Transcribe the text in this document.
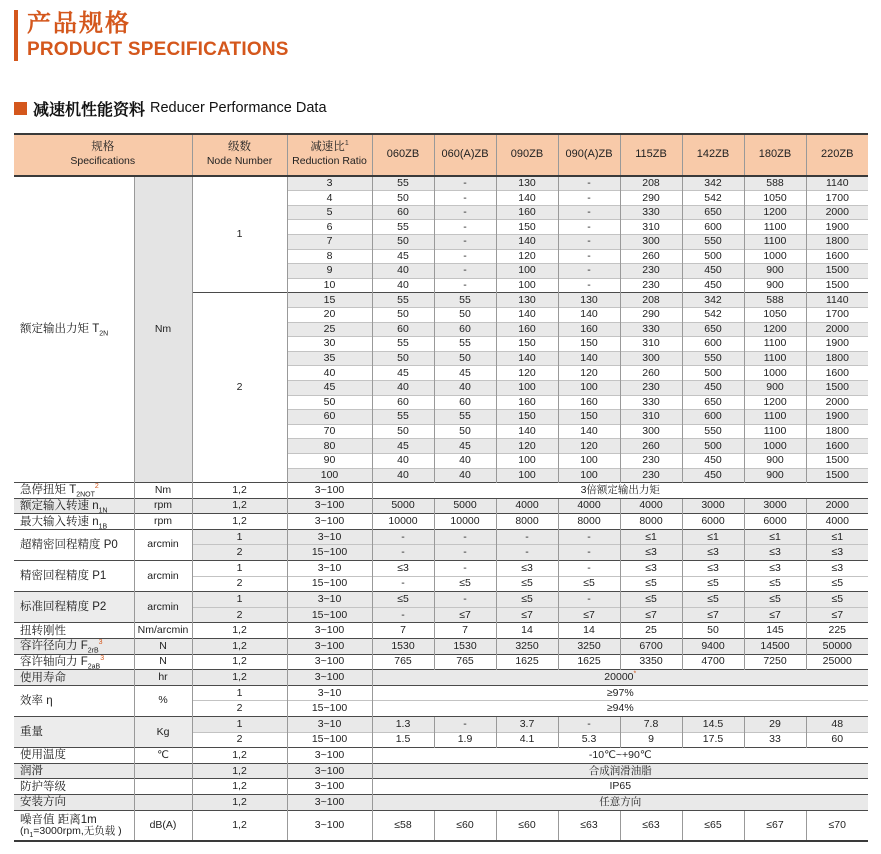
产品规格
PRODUCT SPECIFICATIONS
减速机性能资料 Reducer Performance Data
规格
Specifications

级数
Node Number

减速比$^1$
Reduction Ratio
	060ZB	060(A)ZB	090ZB	090(A)ZB	115ZB	142ZB	180ZB	220ZB

额定输出力矩 $T_{2N}$	Nm	1	3	55	-	130	-	208	342	588	1140
			4	50	-	140	-	290	542	1050	1700
			5	60	-	160	-	330	650	1200	2000
			6	55	-	150	-	310	600	1100	1900
			7	50	-	140	-	300	550	1100	1800
			8	45	-	120	-	260	500	1000	1600
			9	40	-	100	-	230	450	900	1500
			10	40	-	100	-	230	450	900	1500
		2	15	55	55	130	130	208	342	588	1140
			20	50	50	140	140	290	542	1050	1700
			25	60	60	160	160	330	650	1200	2000
			30	55	55	150	150	310	600	1100	1900
			35	50	50	140	140	300	550	1100	1800
			40	45	45	120	120	260	500	1000	1600
			45	40	40	100	100	230	450	900	1500
			50	60	60	160	160	330	650	1200	2000
			60	55	55	150	150	310	600	1100	1900
			70	50	50	140	140	300	550	1100	1800
			80	45	45	120	120	260	500	1000	1600
			90	40	40	100	100	230	450	900	1500
			100	40	40	100	100	230	450	900	1500

急停扭矩 $T_{2NOT}^2$	Nm	1,2	3~100	3倍额定输出力矩							

额定输入转速 $n_{1N}$	rpm	1,2	3~100	5000	5000	4000	4000	4000	3000	3000	2000

最大输入转速 $n_{1B}$	rpm	1,2	3~100	10000	10000	8000	8000	8000	6000	6000	4000

超精密回程精度 P0	arcmin	1	3~10	-	-	-	-	≤1	≤1	≤1	≤1
		2	15~100	-	-	-	-	≤3	≤3	≤3	≤3

精密回程精度 P1	arcmin	1	3~10	≤3	-	≤3	-	≤3	≤3	≤3	≤3
		2	15~100	-	≤5	≤5	≤5	≤5	≤5	≤5	≤5

标准回程精度 P2	arcmin	1	3~10	≤5	-	≤5	-	≤5	≤5	≤5	≤5
		2	15~100	-	≤7	≤7	≤7	≤7	≤7	≤7	≤7

扭转刚性	Nm/arcmin	1,2	3~100	7	7	14	14	25	50	145	225

容许径向力 $F_{2rB}^3$	N	1,2	3~100	1530	1530	3250	3250	6700	9400	14500	50000

容许轴向力 $F_{2aB}^3$	N	1,2	3~100	765	765	1625	1625	3350	4700	7250	25000

使用寿命	hr	1,2	3~100	20000*

效率 η	%	1	3~10	≥97%							
		2	15~100	≥94%							

重量	Kg	1	3~10	1.3	-	3.7	-	7.8	14.5	29	48
		2	15~100	1.5	1.9	4.1	5.3	9	17.5	33	60

使用温度	℃	1,2	3~100	-10℃~+90℃							

润滑		1,2	3~100	合成润滑油脂							

防护等级		1,2	3~100	IP65							

安装方向		1,2	3~100	任意方向							

噪音值 距离1m
($n_1=3000rpm$,无负载 )	dB(A)	1,2	3~100	≤58	≤60	≤60	≤63	≤63	≤65	≤67	≤70
